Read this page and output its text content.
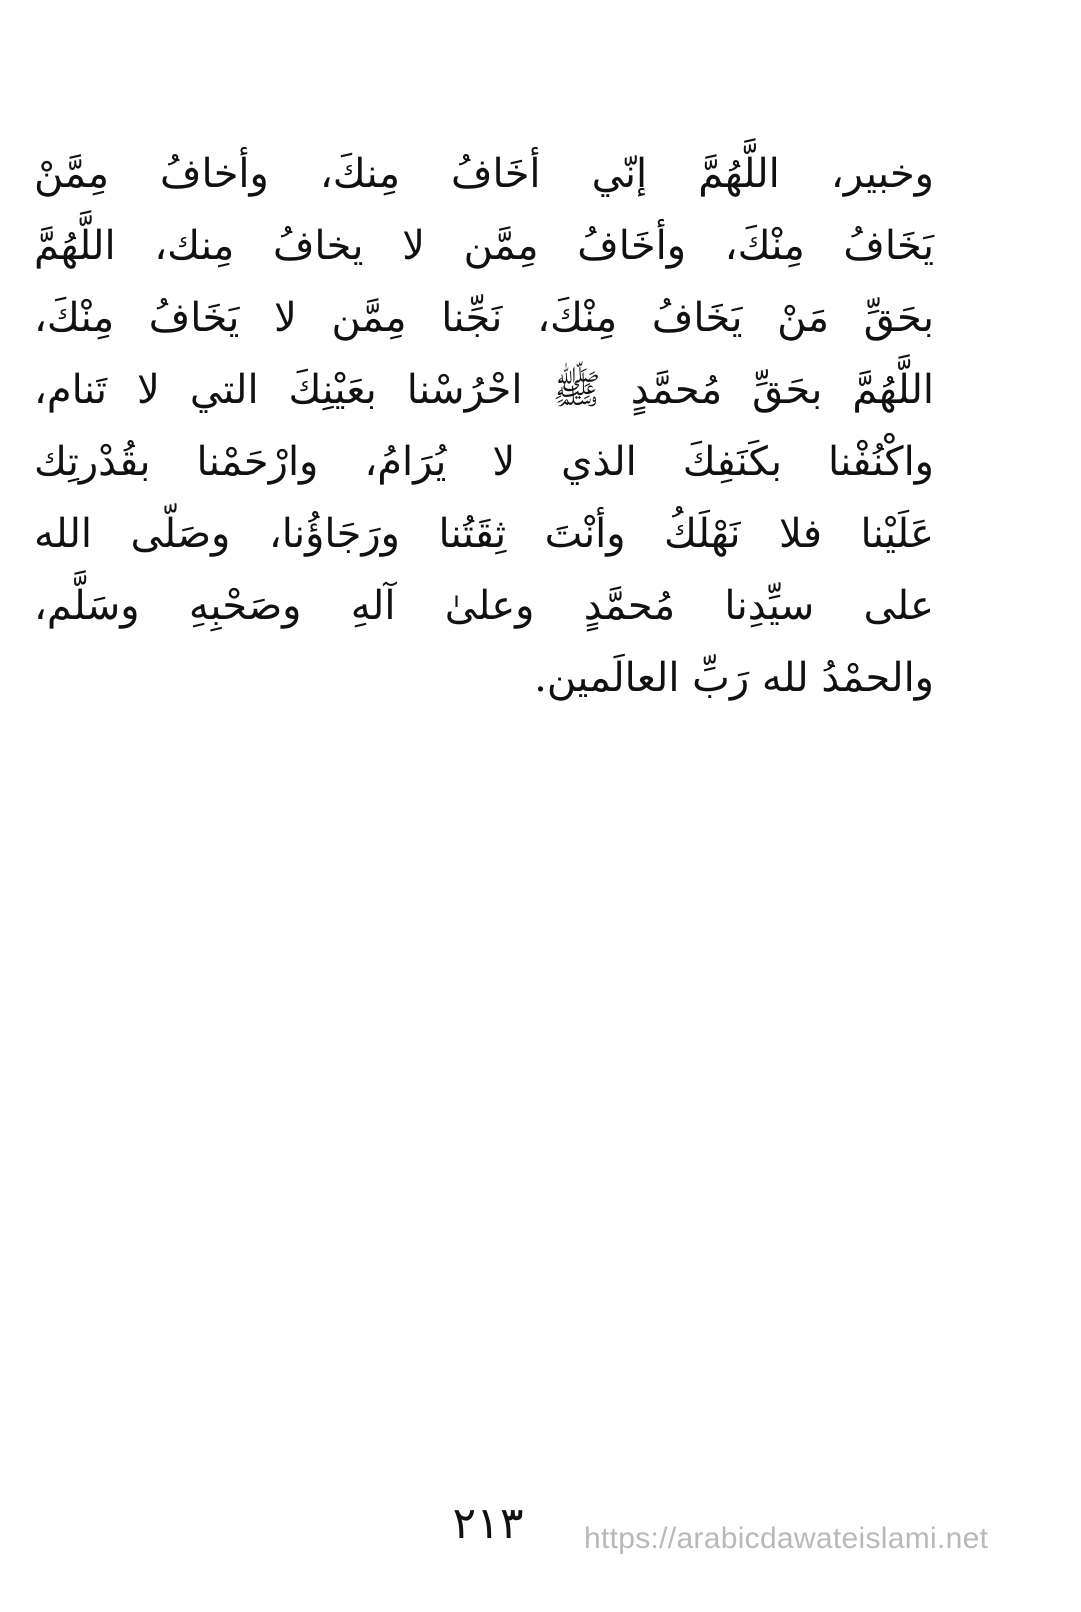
وخبير، اللَّهُمَّ إنّي أخَافُ مِنكَ، وأخافُ مِمَّنْ
يَخَافُ مِنْكَ، وأخَافُ مِمَّن لا يخافُ مِنك، اللَّهُمَّ
بحَقِّ مَنْ يَخَافُ مِنْكَ، نَجِّنا مِمَّن لا يَخَافُ مِنْكَ،
اللَّهُمَّ بحَقِّ مُحمَّدٍ ﷺ احْرُسْنا بعَيْنِكَ التي لا تَنام،
واكْنُفْنا بكَنَفِكَ الذي لا يُرَامُ، وارْحَمْنا بقُدْرتِك
عَلَيْنا فلا نَهْلَكُ وأنْتَ ثِقَتُنا ورَجَاؤُنا، وصَلّى الله
على سيِّدِنا مُحمَّدٍ وعلىٰ آلهِ وصَحْبِهِ وسَلَّم،
والحمْدُ لله رَبِّ العالَمين.
٢١٣	https://arabicdawateislami.net
